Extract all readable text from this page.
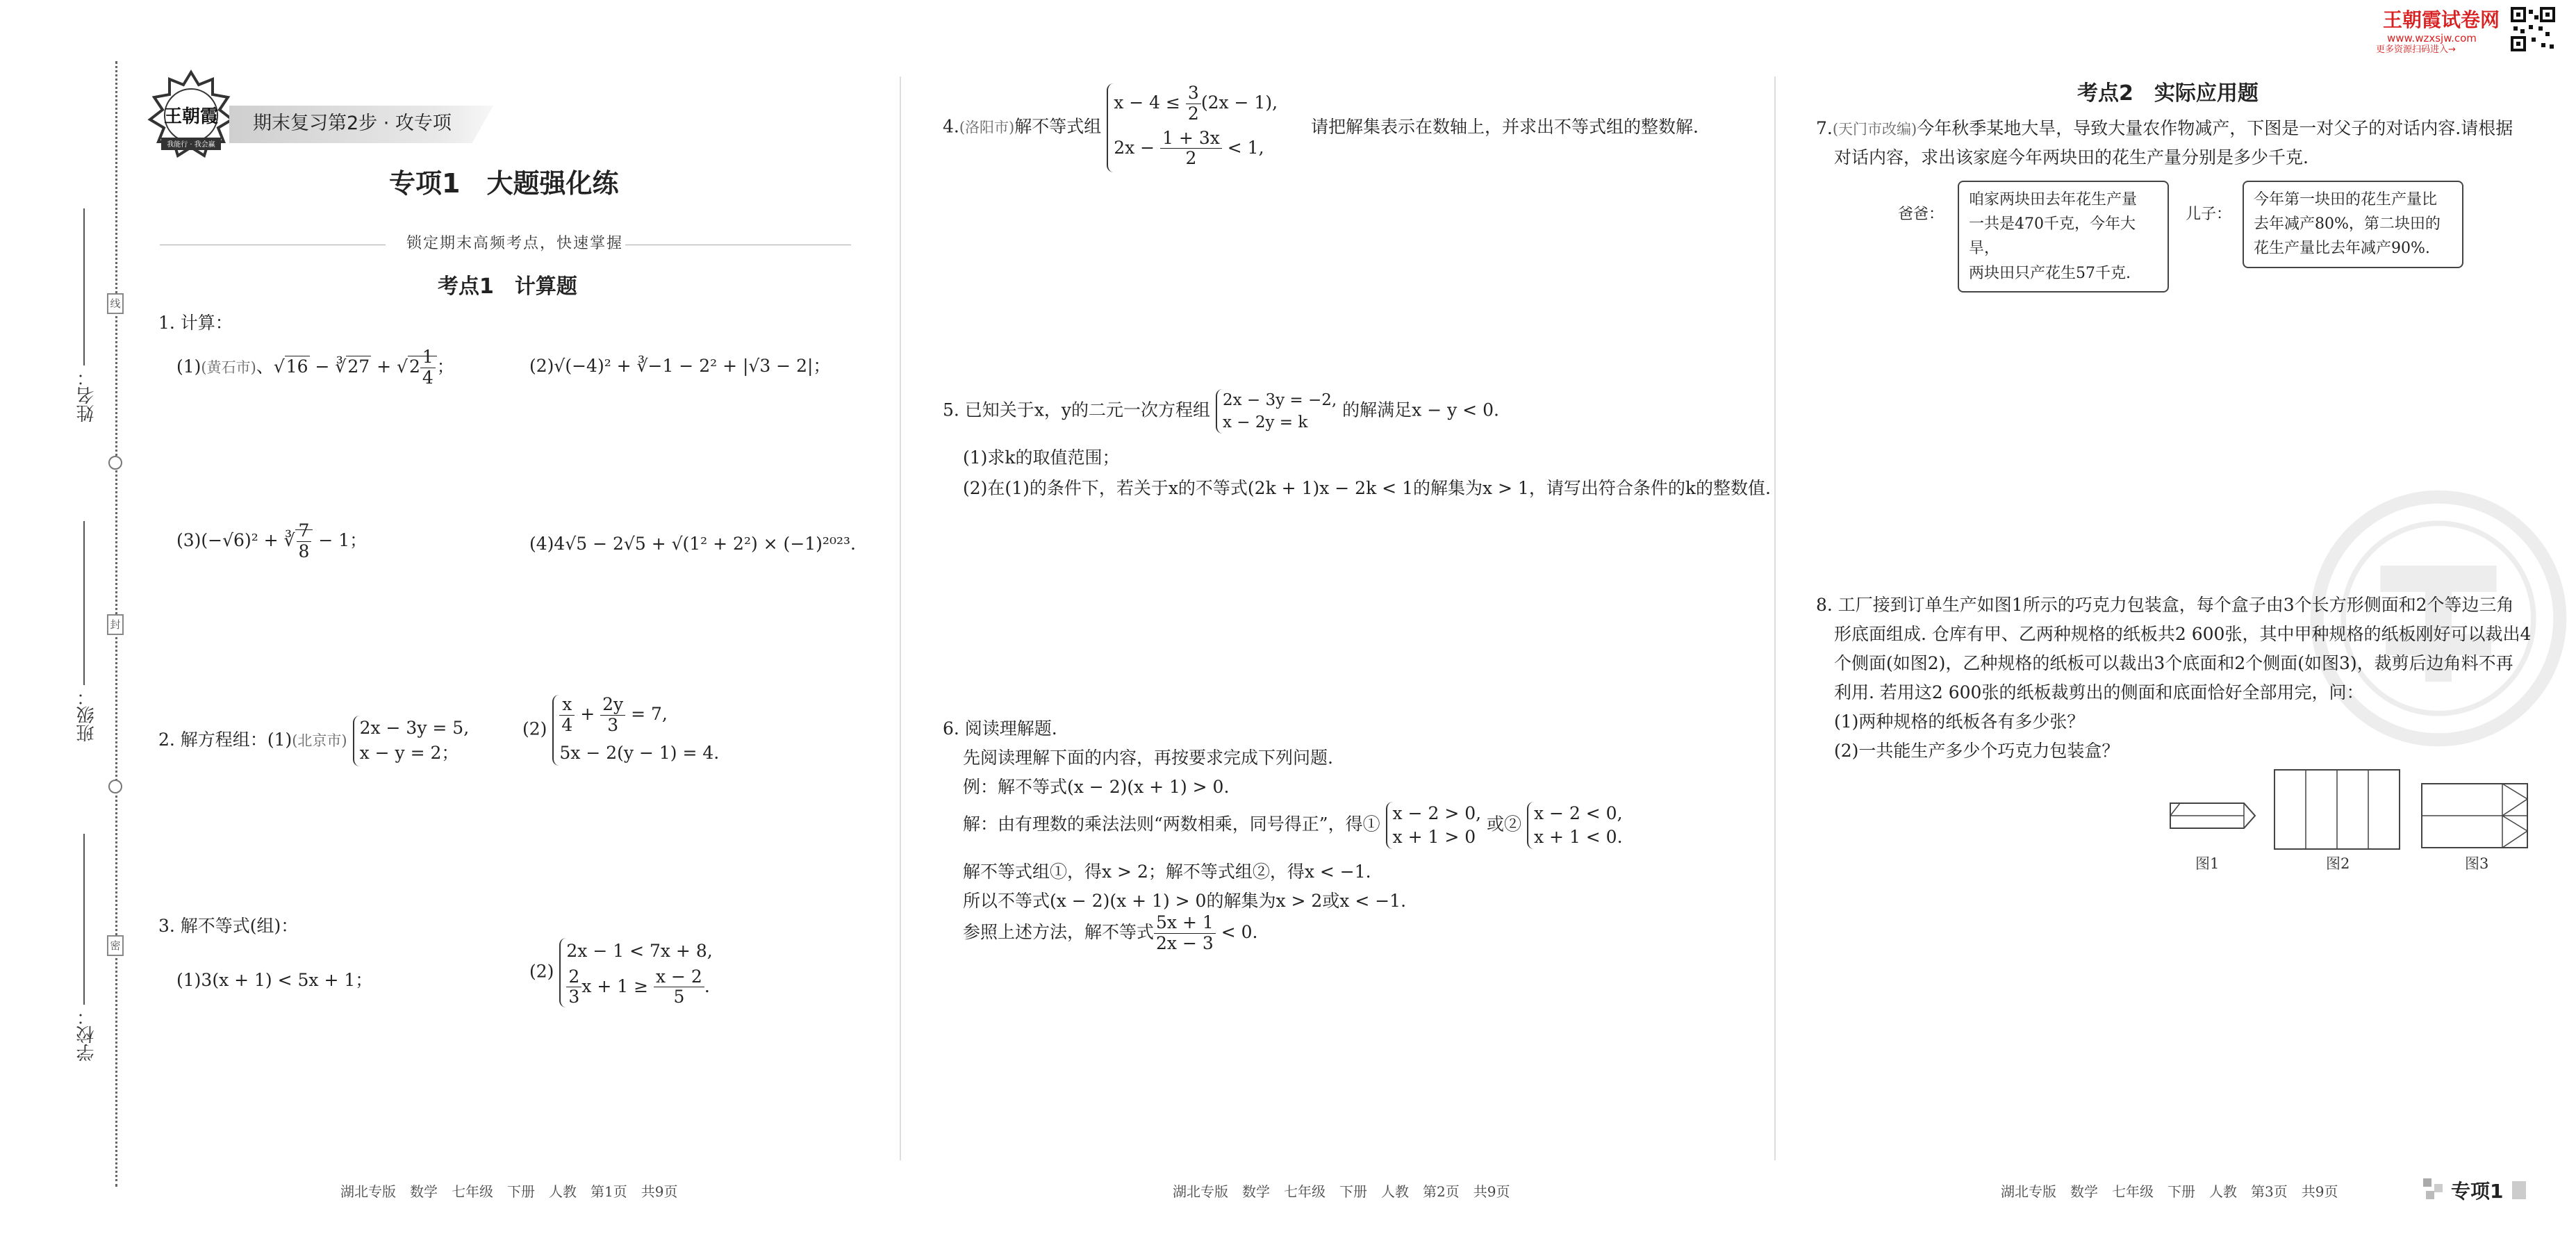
线
封
密
姓名：
班级：
学校：
王朝霞试卷网
www.wzxsjw.com
更多资源扫码进入→
王朝霞
我能行 · 我会赢
期末复习第2步 · 攻专项
专项1　大题强化练
锁定期末高频考点，快速掌握
考点1　计算题
1. 计算：
(1)(黄石市)、√16 − ∛27 + $√2 \frac{1}{4}$ ；	(2)√(−4)² + ∛−1 − 2² + |√3 − 2|；
(3)(−√6)² + ∛ $\frac{7}{8} - 1$；	(4)4√5 − 2√5 + √(1² + 2²) × (−1)²⁰²³.
2. 解方程组：(1)(北京市)
2x − 3y = 5,
x − y = 2；
$(2) \frac{x}{4} + \frac{2y}{3} = 7$,
5x − 2(y − 1) = 4.
3. 解不等式(组)：
(1)3(x + 1) < 5x + 1；	(2)
2x − 1 < 7x + 8,
$\frac{2}{3}$ $x + 1 \ge \frac{x - 2}{5}$ .
湖北专版　数学　七年级　下册　人教　第1页　共9页
4.(洛阳市)解不等式组
$x - 4 \le \frac{3}{2} (2x - 1)$,
$2x - \frac{1 + 3x}{2} < 1$,
请把解集表示在数轴上，并求出不等式组的整数解.
5. 已知关于x，y的二元一次方程组 2x − 3y = −2,
x − 2y = k
的解满足x − y < 0.
(1)求k的取值范围；
(2)在(1)的条件下，若关于x的不等式(2k + 1)x − 2k < 1的解集为x > 1，请写出符合条件的k的整数值.
6. 阅读理解题.
先阅读理解下面的内容，再按要求完成下列问题.
例：解不等式(x − 2)(x + 1) > 0.
解：由有理数的乘法法则“两数相乘，同号得正”，得①
x − 2 > 0,
x + 1 > 0
或②
x − 2 < 0,
x + 1 < 0.
解不等式组①，得x > 2；解不等式组②，得x < −1.
所以不等式(x − 2)(x + 1) > 0的解集为x > 2或x < −1.
参照上述方法，解不等式 $\frac{5x + 1}{2x - 3} < 0$.
湖北专版　数学　七年级　下册　人教　第2页　共9页
考点2　实际应用题
7.(天门市改编)今年秋季某地大旱，导致大量农作物减产，下图是一对父子的对话内容.请根据
对话内容，求出该家庭今年两块田的花生产量分别是多少千克.
爸爸：
咱家两块田去年花生产量
一共是470千克，今年大旱，
两块田只产花生57千克.
儿子：
今年第一块田的花生产量比
去年减产80%，第二块田的
花生产量比去年减产90%.
8. 工厂接到订单生产如图1所示的巧克力包装盒，每个盒子由3个长方形侧面和2个等边三角
形底面组成. 仓库有甲、乙两种规格的纸板共2 600张，其中甲种规格的纸板刚好可以裁出4
个侧面(如图2)，乙种规格的纸板可以裁出3个底面和2个侧面(如图3)，裁剪后边角料不再
利用. 若用这2 600张的纸板裁剪出的侧面和底面恰好全部用完，问：
(1)两种规格的纸板各有多少张？
(2)一共能生产多少个巧克力包装盒？
图1	图2	图3
湖北专版　数学　七年级　下册　人教　第3页　共9页	专项1
